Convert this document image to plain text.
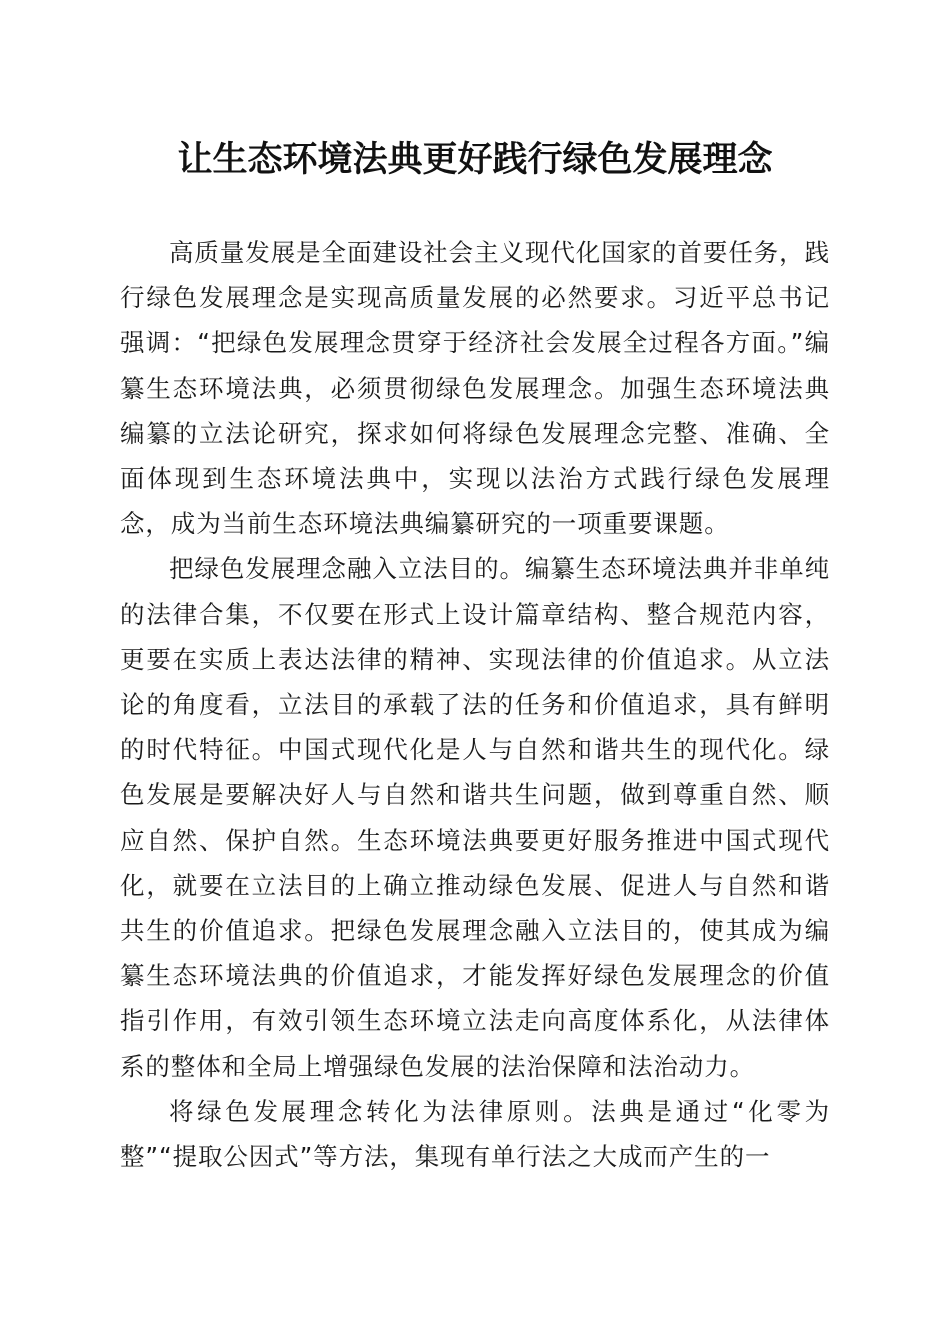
让生态环境法典更好践行绿色发展理念

高质量发展是全面建设社会主义现代化国家的首要任务，践行绿色发展理念是实现高质量发展的必然要求。习近平总书记强调：“把绿色发展理念贯穿于经济社会发展全过程各方面。”编纂生态环境法典，必须贯彻绿色发展理念。加强生态环境法典编纂的立法论研究，探求如何将绿色发展理念完整、准确、全面体现到生态环境法典中，实现以法治方式践行绿色发展理念，成为当前生态环境法典编纂研究的一项重要课题。

把绿色发展理念融入立法目的。编纂生态环境法典并非单纯的法律合集，不仅要在形式上设计篇章结构、整合规范内容，更要在实质上表达法律的精神、实现法律的价值追求。从立法论的角度看，立法目的承载了法的任务和价值追求，具有鲜明的时代特征。中国式现代化是人与自然和谐共生的现代化。绿色发展是要解决好人与自然和谐共生问题，做到尊重自然、顺应自然、保护自然。生态环境法典要更好服务推进中国式现代化，就要在立法目的上确立推动绿色发展、促进人与自然和谐共生的价值追求。把绿色发展理念融入立法目的，使其成为编纂生态环境法典的价值追求，才能发挥好绿色发展理念的价值指引作用，有效引领生态环境立法走向高度体系化，从法律体系的整体和全局上增强绿色发展的法治保障和法治动力。

将绿色发展理念转化为法律原则。法典是通过“化零为整”“提取公因式”等方法，集现有单行法之大成而产生的一
